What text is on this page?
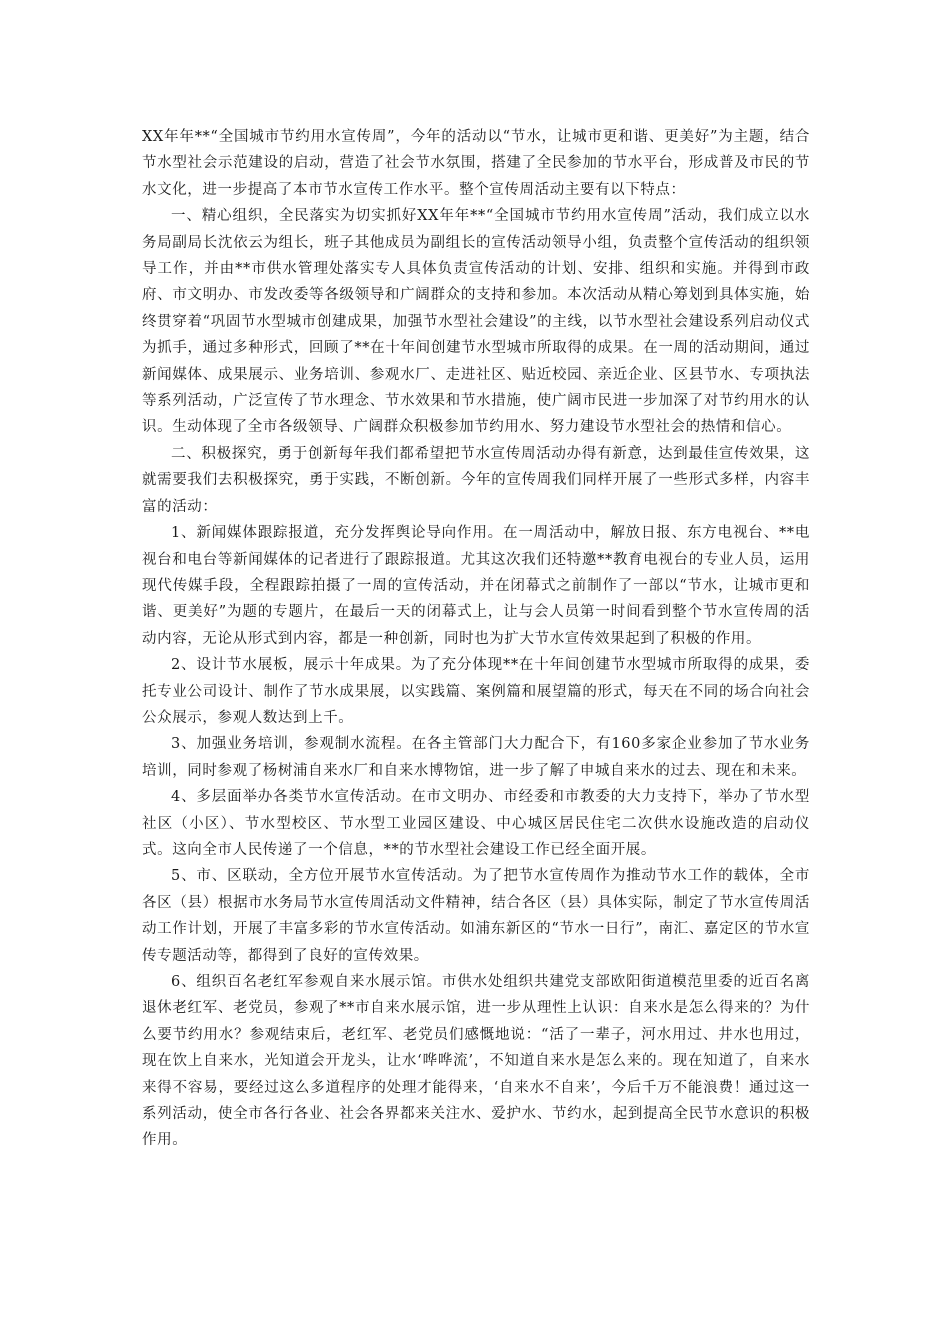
XX年年**“全国城市节约用水宣传周”，今年的活动以“节水，让城市更和谐、更美好”为主题，结合节水型社会示范建设的启动，营造了社会节水氛围，搭建了全民参加的节水平台，形成普及市民的节水文化，进一步提高了本市节水宣传工作水平。整个宣传周活动主要有以下特点：

一、精心组织，全民落实为切实抓好XX年年**“全国城市节约用水宣传周”活动，我们成立以水务局副局长沈依云为组长，班子其他成员为副组长的宣传活动领导小组，负责整个宣传活动的组织领导工作，并由**市供水管理处落实专人具体负责宣传活动的计划、安排、组织和实施。并得到市政府、市文明办、市发改委等各级领导和广阔群众的支持和参加。本次活动从精心筹划到具体实施，始终贯穿着“巩固节水型城市创建成果，加强节水型社会建设”的主线，以节水型社会建设系列启动仪式为抓手，通过多种形式，回顾了**在十年间创建节水型城市所取得的成果。在一周的活动期间，通过新闻媒体、成果展示、业务培训、参观水厂、走进社区、贴近校园、亲近企业、区县节水、专项执法等系列活动，广泛宣传了节水理念、节水效果和节水措施，使广阔市民进一步加深了对节约用水的认识。生动体现了全市各级领导、广阔群众积极参加节约用水、努力建设节水型社会的热情和信心。

二、积极探究，勇于创新每年我们都希望把节水宣传周活动办得有新意，达到最佳宣传效果，这就需要我们去积极探究，勇于实践，不断创新。今年的宣传周我们同样开展了一些形式多样，内容丰富的活动：

1、新闻媒体跟踪报道，充分发挥舆论导向作用。在一周活动中，解放日报、东方电视台、**电视台和电台等新闻媒体的记者进行了跟踪报道。尤其这次我们还特邀**教育电视台的专业人员，运用现代传媒手段，全程跟踪拍摄了一周的宣传活动，并在闭幕式之前制作了一部以“节水，让城市更和谐、更美好”为题的专题片，在最后一天的闭幕式上，让与会人员第一时间看到整个节水宣传周的活动内容，无论从形式到内容，都是一种创新，同时也为扩大节水宣传效果起到了积极的作用。

2、设计节水展板，展示十年成果。为了充分体现**在十年间创建节水型城市所取得的成果，委托专业公司设计、制作了节水成果展，以实践篇、案例篇和展望篇的形式，每天在不同的场合向社会公众展示，参观人数达到上千。

3、加强业务培训，参观制水流程。在各主管部门大力配合下，有160多家企业参加了节水业务培训，同时参观了杨树浦自来水厂和自来水博物馆，进一步了解了申城自来水的过去、现在和未来。

4、多层面举办各类节水宣传活动。在市文明办、市经委和市教委的大力支持下，举办了节水型社区（小区）、节水型校区、节水型工业园区建设、中心城区居民住宅二次供水设施改造的启动仪式。这向全市人民传递了一个信息，**的节水型社会建设工作已经全面开展。

5、市、区联动，全方位开展节水宣传活动。为了把节水宣传周作为推动节水工作的载体，全市各区（县）根据市水务局节水宣传周活动文件精神，结合各区（县）具体实际，制定了节水宣传周活动工作计划，开展了丰富多彩的节水宣传活动。如浦东新区的“节水一日行”，南汇、嘉定区的节水宣传专题活动等，都得到了良好的宣传效果。

6、组织百名老红军参观自来水展示馆。市供水处组织共建党支部欧阳街道模范里委的近百名离退休老红军、老党员，参观了**市自来水展示馆，进一步从理性上认识：自来水是怎么得来的？为什么要节约用水？参观结束后，老红军、老党员们感慨地说：“活了一辈子，河水用过、井水也用过，现在饮上自来水，光知道会开龙头，让水‘哗哗流’，不知道自来水是怎么来的。现在知道了，自来水来得不容易，要经过这么多道程序的处理才能得来，‘自来水不自来’，今后千万不能浪费！通过这一系列活动，使全市各行各业、社会各界都来关注水、爱护水、节约水，起到提高全民节水意识的积极作用。
